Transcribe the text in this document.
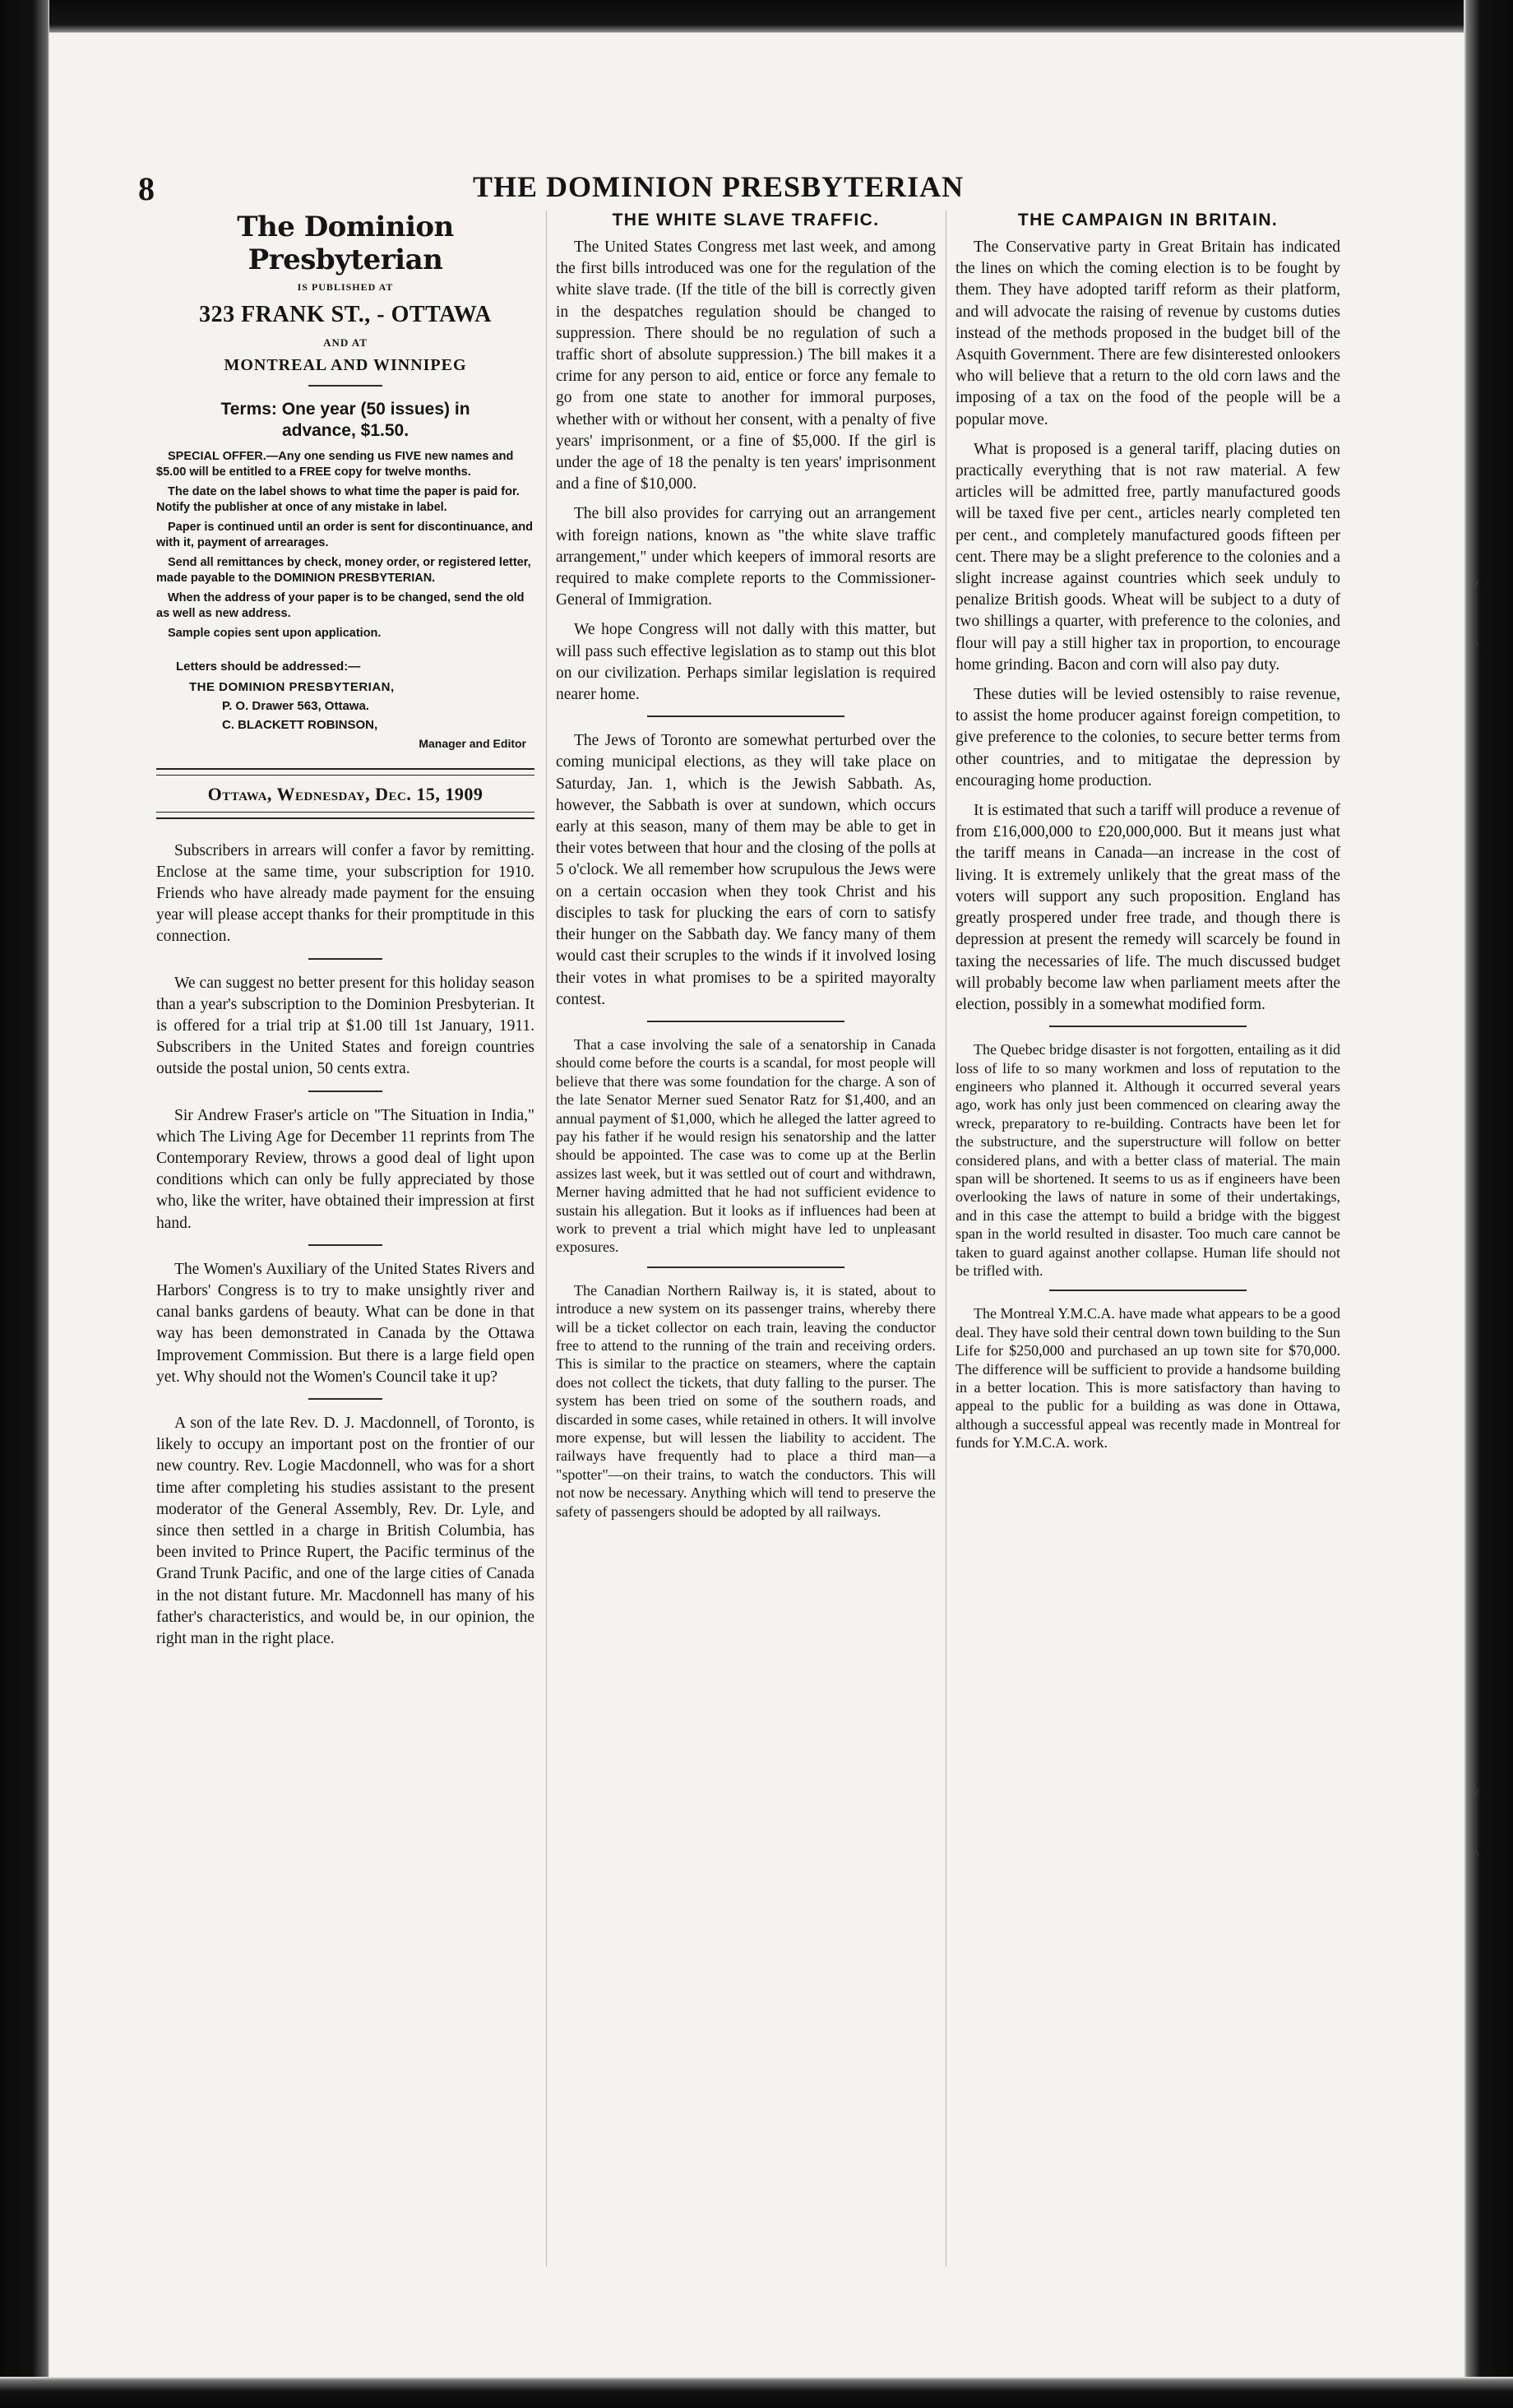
8	THE DOMINION PRESBYTERIAN
The Dominion Presbyterian
IS PUBLISHED AT
323 FRANK ST., - OTTAWA
AND AT
MONTREAL AND WINNIPEG
Terms: One year (50 issues) in
advance, $1.50.
SPECIAL OFFER.—Any one sending us FIVE new names and $5.00 will be entitled to a FREE copy for twelve months.
The date on the label shows to what time the paper is paid for. Notify the publisher at once of any mistake in label.
Paper is continued until an order is sent for discontinuance, and with it, payment of arrearages.
Send all remittances by check, money order, or registered letter, made payable to the DOMINION PRESBYTERIAN.
When the address of your paper is to be changed, send the old as well as new address.
Sample copies sent upon application.
Letters should be addressed:—
THE DOMINION PRESBYTERIAN,
P. O. Drawer 563, Ottawa.
C. BLACKETT ROBINSON,
Manager and Editor
Ottawa, Wednesday, Dec. 15, 1909

Subscribers in arrears will confer a favor by remitting. Enclose at the same time, your subscription for 1910. Friends who have already made payment for the ensuing year will please accept thanks for their promptitude in this connection.

We can suggest no better present for this holiday season than a year's subscription to the Dominion Presbyterian. It is offered for a trial trip at $1.00 till 1st January, 1911. Subscribers in the United States and foreign countries outside the postal union, 50 cents extra.

Sir Andrew Fraser's article on "The Situation in India," which The Living Age for December 11 reprints from The Contemporary Review, throws a good deal of light upon conditions which can only be fully appreciated by those who, like the writer, have obtained their impression at first hand.

The Women's Auxiliary of the United States Rivers and Harbors' Congress is to try to make unsightly river and canal banks gardens of beauty. What can be done in that way has been demonstrated in Canada by the Ottawa Improvement Commission. But there is a large field open yet. Why should not the Women's Council take it up?

A son of the late Rev. D. J. Macdonnell, of Toronto, is likely to occupy an important post on the frontier of our new country. Rev. Logie Macdonnell, who was for a short time after completing his studies assistant to the present moderator of the General Assembly, Rev. Dr. Lyle, and since then settled in a charge in British Columbia, has been invited to Prince Rupert, the Pacific terminus of the Grand Trunk Pacific, and one of the large cities of Canada in the not distant future. Mr. Macdonnell has many of his father's characteristics, and would be, in our opinion, the right man in the right place.

THE WHITE SLAVE TRAFFIC.

The United States Congress met last week, and among the first bills introduced was one for the regulation of the white slave trade. (If the title of the bill is correctly given in the despatches regulation should be changed to suppression. There should be no regulation of such a traffic short of absolute suppression.) The bill makes it a crime for any person to aid, entice or force any female to go from one state to another for immoral purposes, whether with or without her consent, with a penalty of five years' imprisonment, or a fine of $5,000. If the girl is under the age of 18 the penalty is ten years' imprisonment and a fine of $10,000.

The bill also provides for carrying out an arrangement with foreign nations, known as "the white slave traffic arrangement," under which keepers of immoral resorts are required to make complete reports to the Commissioner-General of Immigration.

We hope Congress will not dally with this matter, but will pass such effective legislation as to stamp out this blot on our civilization. Perhaps similar legislation is required nearer home.

The Jews of Toronto are somewhat perturbed over the coming municipal elections, as they will take place on Saturday, Jan. 1, which is the Jewish Sabbath. As, however, the Sabbath is over at sundown, which occurs early at this season, many of them may be able to get in their votes between that hour and the closing of the polls at 5 o'clock. We all remember how scrupulous the Jews were on a certain occasion when they took Christ and his disciples to task for plucking the ears of corn to satisfy their hunger on the Sabbath day. We fancy many of them would cast their scruples to the winds if it involved losing their votes in what promises to be a spirited mayoralty contest.

That a case involving the sale of a senatorship in Canada should come before the courts is a scandal, for most people will believe that there was some foundation for the charge. A son of the late Senator Merner sued Senator Ratz for $1,400, and an annual payment of $1,000, which he alleged the latter agreed to pay his father if he would resign his senatorship and the latter should be appointed. The case was to come up at the Berlin assizes last week, but it was settled out of court and withdrawn, Merner having admitted that he had not sufficient evidence to sustain his allegation. But it looks as if influences had been at work to prevent a trial which might have led to unpleasant exposures.

The Canadian Northern Railway is, it is stated, about to introduce a new system on its passenger trains, whereby there will be a ticket collector on each train, leaving the conductor free to attend to the running of the train and receiving orders. This is similar to the practice on steamers, where the captain does not collect the tickets, that duty falling to the purser. The system has been tried on some of the southern roads, and discarded in some cases, while retained in others. It will involve more expense, but will lessen the liability to accident. The railways have frequently had to place a third man—a "spotter"—on their trains, to watch the conductors. This will not now be necessary. Anything which will tend to preserve the safety of passengers should be adopted by all railways.

THE CAMPAIGN IN BRITAIN.

The Conservative party in Great Britain has indicated the lines on which the coming election is to be fought by them. They have adopted tariff reform as their platform, and will advocate the raising of revenue by customs duties instead of the methods proposed in the budget bill of the Asquith Government. There are few disinterested onlookers who will believe that a return to the old corn laws and the imposing of a tax on the food of the people will be a popular move.

What is proposed is a general tariff, placing duties on practically everything that is not raw material. A few articles will be admitted free, partly manufactured goods will be taxed five per cent., articles nearly completed ten per cent., and completely manufactured goods fifteen per cent. There may be a slight preference to the colonies and a slight increase against countries which seek unduly to penalize British goods. Wheat will be subject to a duty of two shillings a quarter, with preference to the colonies, and flour will pay a still higher tax in proportion, to encourage home grinding. Bacon and corn will also pay duty.

These duties will be levied ostensibly to raise revenue, to assist the home producer against foreign competition, to give preference to the colonies, to secure better terms from other countries, and to mitigatae the depression by encouraging home production.

It is estimated that such a tariff will produce a revenue of from £16,000,000 to £20,000,000. But it means just what the tariff means in Canada—an increase in the cost of living. It is extremely unlikely that the great mass of the voters will support any such proposition. England has greatly prospered under free trade, and though there is depression at present the remedy will scarcely be found in taxing the necessaries of life. The much discussed budget will probably become law when parliament meets after the election, possibly in a somewhat modified form.

The Quebec bridge disaster is not forgotten, entailing as it did loss of life to so many workmen and loss of reputation to the engineers who planned it. Although it occurred several years ago, work has only just been commenced on clearing away the wreck, preparatory to re-building. Contracts have been let for the substructure, and the superstructure will follow on better considered plans, and with a better class of material. The main span will be shortened. It seems to us as if engineers have been overlooking the laws of nature in some of their undertakings, and in this case the attempt to build a bridge with the biggest span in the world resulted in disaster. Too much care cannot be taken to guard against another collapse. Human life should not be trifled with.

The Montreal Y.M.C.A. have made what appears to be a good deal. They have sold their central down town building to the Sun Life for $250,000 and purchased an up town site for $70,000. The difference will be sufficient to provide a handsome building in a better location. This is more satisfactory than having to appeal to the public for a building as was done in Ottawa, although a successful appeal was recently made in Montreal for funds for Y.M.C.A. work.
